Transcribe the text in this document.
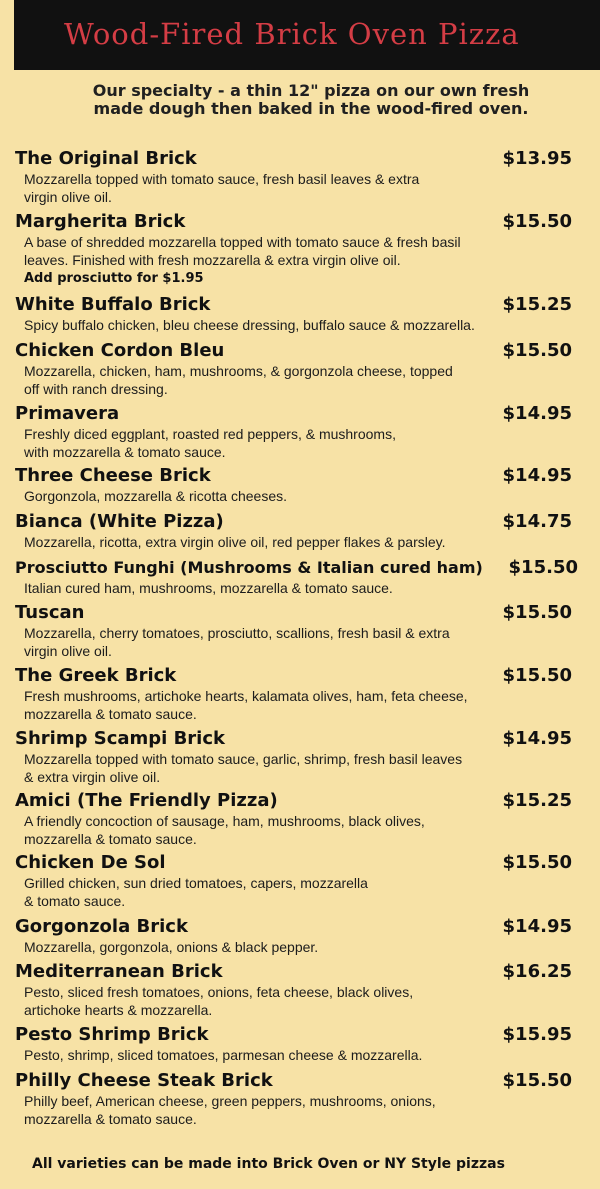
Wood-Fired Brick Oven Pizza
Our specialty - a thin 12" pizza on our own fresh
made dough then baked in the wood-fired oven.
The Original Brick	$13.95
Mozzarella topped with tomato sauce, fresh basil leaves & extra
virgin olive oil.
Margherita Brick	$15.50
A base of shredded mozzarella topped with tomato sauce & fresh basil
leaves. Finished with fresh mozzarella & extra virgin olive oil.
Add prosciutto for $1.95
White Buffalo Brick	$15.25
Spicy buffalo chicken, bleu cheese dressing, buffalo sauce & mozzarella.
Chicken Cordon Bleu	$15.50
Mozzarella, chicken, ham, mushrooms, & gorgonzola cheese, topped
off with ranch dressing.
Primavera	$14.95
Freshly diced eggplant, roasted red peppers, & mushrooms,
with mozzarella & tomato sauce.
Three Cheese Brick	$14.95
Gorgonzola, mozzarella & ricotta cheeses.
Bianca (White Pizza)	$14.75
Mozzarella, ricotta, extra virgin olive oil, red pepper flakes & parsley.
Prosciutto Funghi (Mushrooms & Italian cured ham) $15.50
Italian cured ham, mushrooms, mozzarella & tomato sauce.
Tuscan	$15.50
Mozzarella, cherry tomatoes, prosciutto, scallions, fresh basil & extra
virgin olive oil.
The Greek Brick	$15.50
Fresh mushrooms, artichoke hearts, kalamata olives, ham, feta cheese,
mozzarella & tomato sauce.
Shrimp Scampi Brick	$14.95
Mozzarella topped with tomato sauce, garlic, shrimp, fresh basil leaves
& extra virgin olive oil.
Amici (The Friendly Pizza)	$15.25
A friendly concoction of sausage, ham, mushrooms, black olives,
mozzarella & tomato sauce.
Chicken De Sol	$15.50
Grilled chicken, sun dried tomatoes, capers, mozzarella
& tomato sauce.
Gorgonzola Brick	$14.95
Mozzarella, gorgonzola, onions & black pepper.
Mediterranean Brick	$16.25
Pesto, sliced fresh tomatoes, onions, feta cheese, black olives,
artichoke hearts & mozzarella.
Pesto Shrimp Brick	$15.95
Pesto, shrimp, sliced tomatoes, parmesan cheese & mozzarella.
Philly Cheese Steak Brick	$15.50
Philly beef, American cheese, green peppers, mushrooms, onions,
mozzarella & tomato sauce.
All varieties can be made into Brick Oven or NY Style pizzas
